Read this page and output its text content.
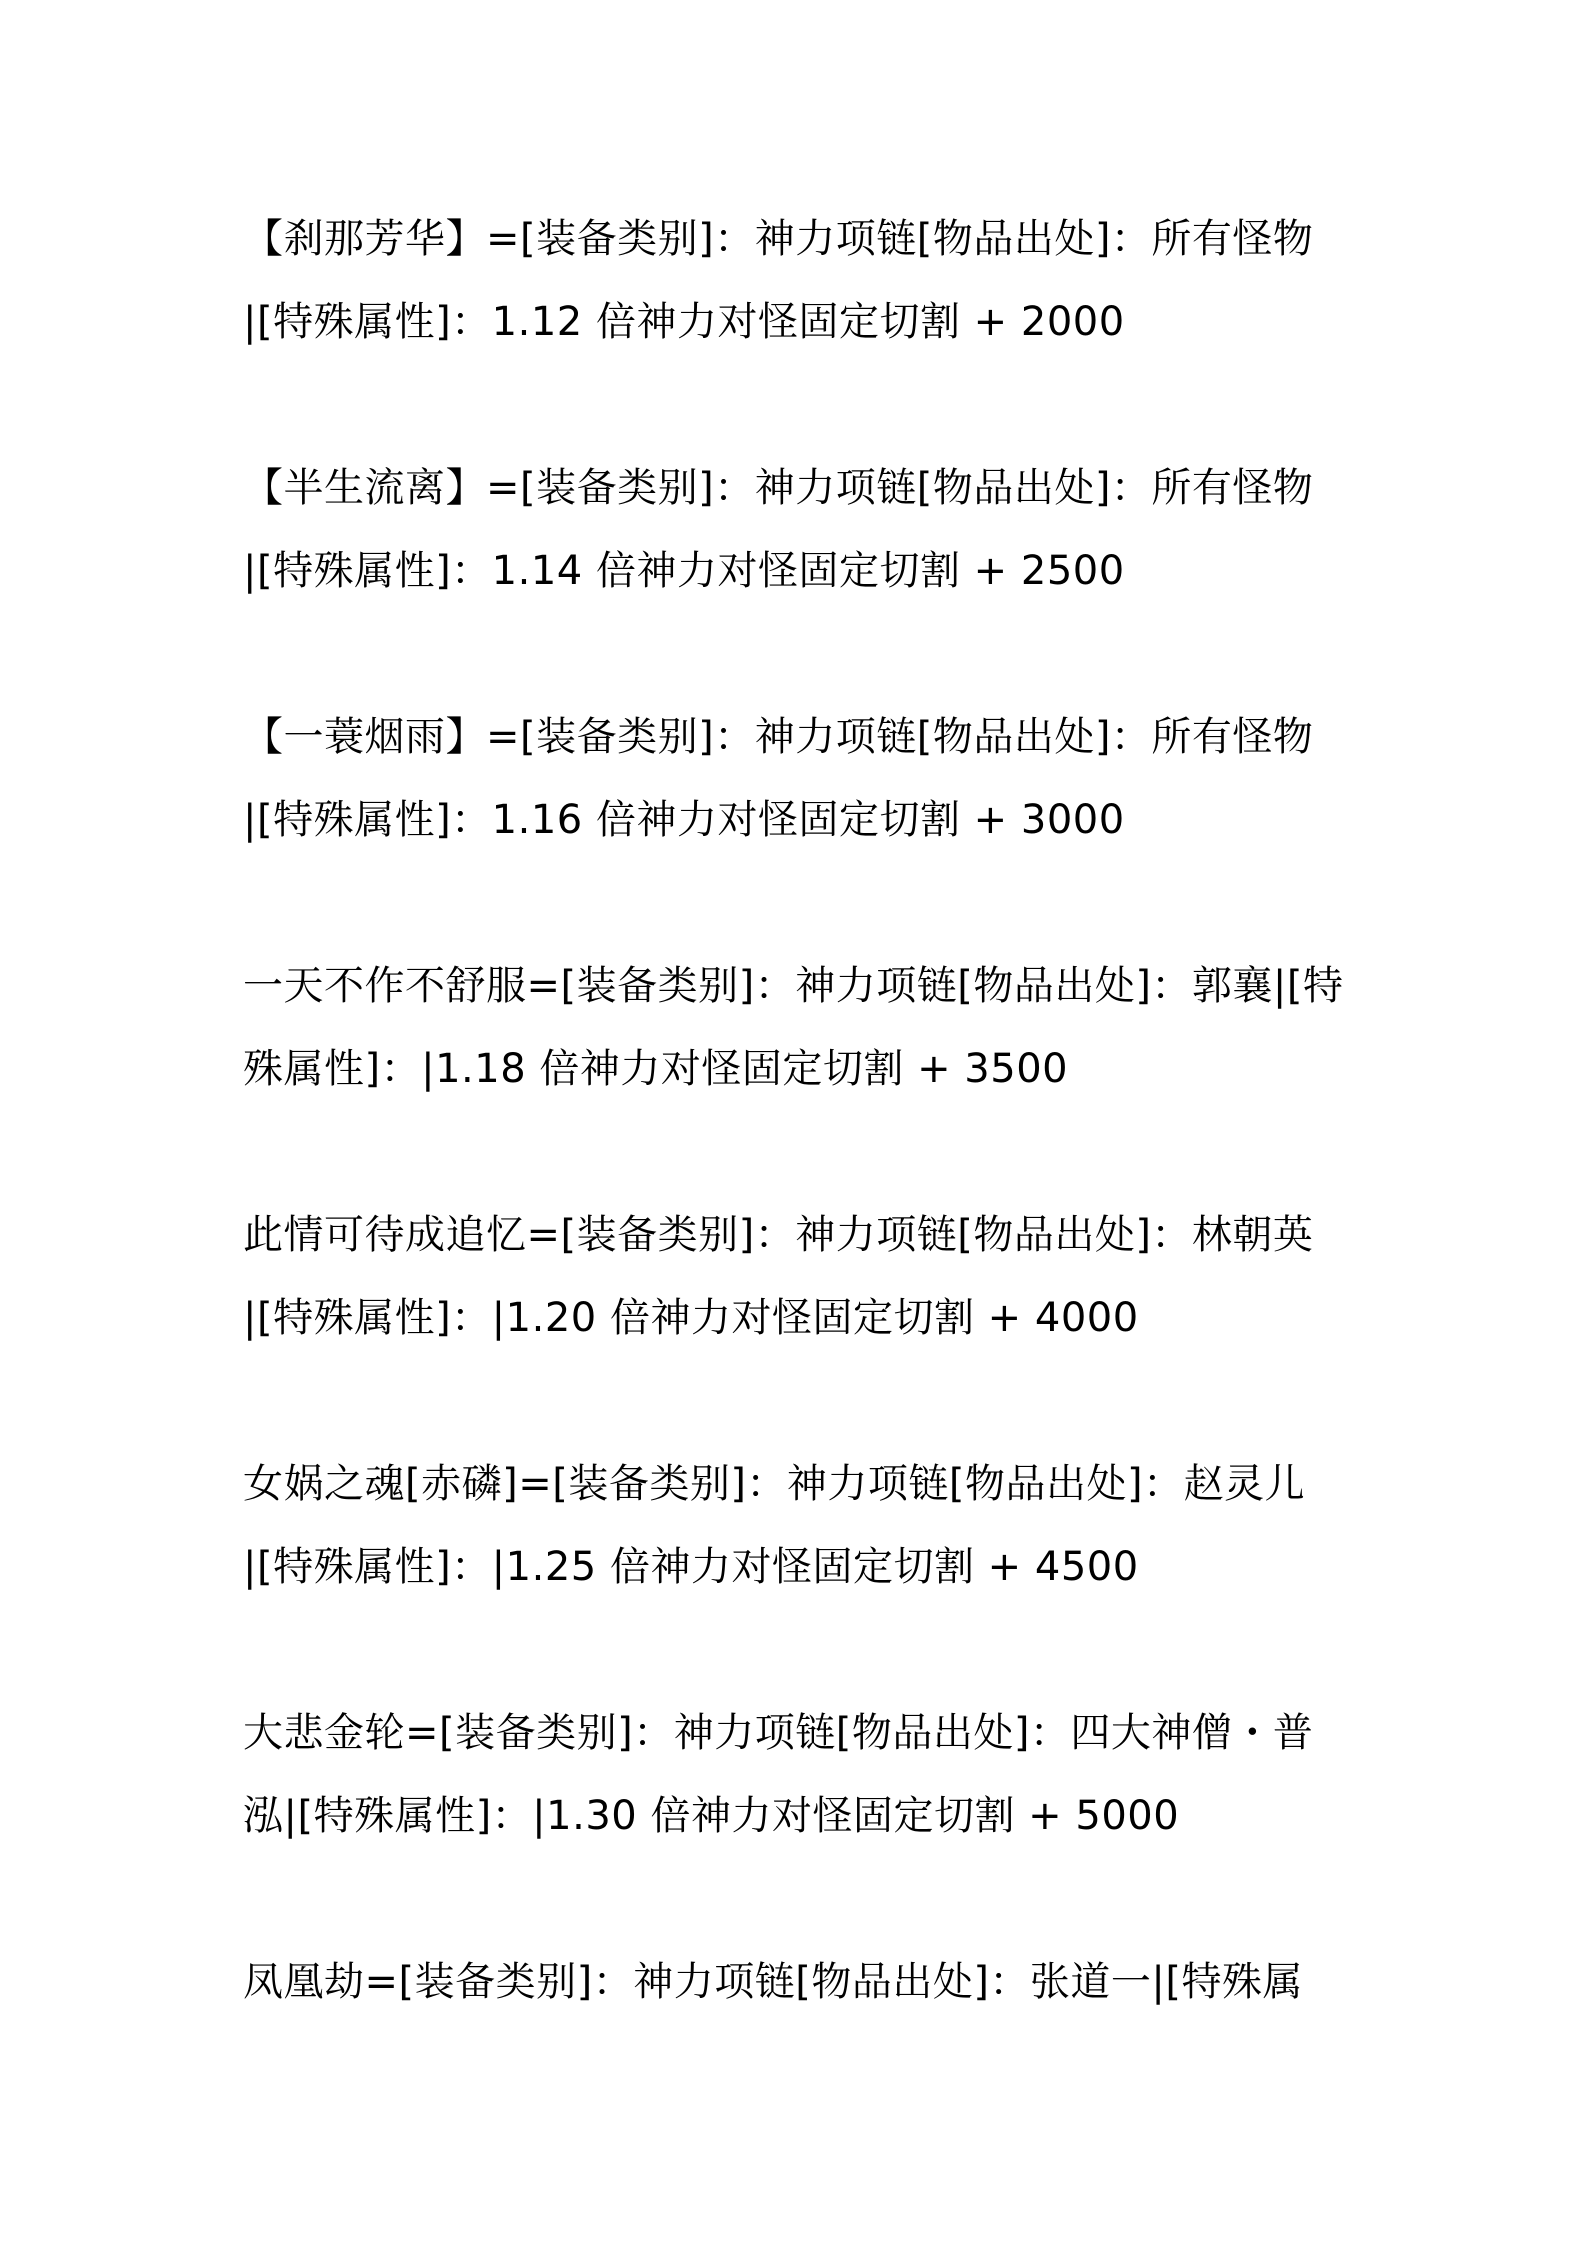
【刹那芳华】=[装备类别]：神力项链[物品出处]：所有怪物
|[特殊属性]：1.12 倍神力对怪固定切割 + 2000

【半生流离】=[装备类别]：神力项链[物品出处]：所有怪物
|[特殊属性]：1.14 倍神力对怪固定切割 + 2500

【一蓑烟雨】=[装备类别]：神力项链[物品出处]：所有怪物
|[特殊属性]：1.16 倍神力对怪固定切割 + 3000

一天不作不舒服=[装备类别]：神力项链[物品出处]：郭襄|[特
殊属性]：|1.18 倍神力对怪固定切割 + 3500

此情可待成追忆=[装备类别]：神力项链[物品出处]：林朝英
|[特殊属性]：|1.20 倍神力对怪固定切割 + 4000

女娲之魂[赤磷]=[装备类别]：神力项链[物品出处]：赵灵儿
|[特殊属性]：|1.25 倍神力对怪固定切割 + 4500

大悲金轮=[装备类别]：神力项链[物品出处]：四大神僧・普
泓|[特殊属性]：|1.30 倍神力对怪固定切割 + 5000

凤凰劫=[装备类别]：神力项链[物品出处]：张道一|[特殊属
